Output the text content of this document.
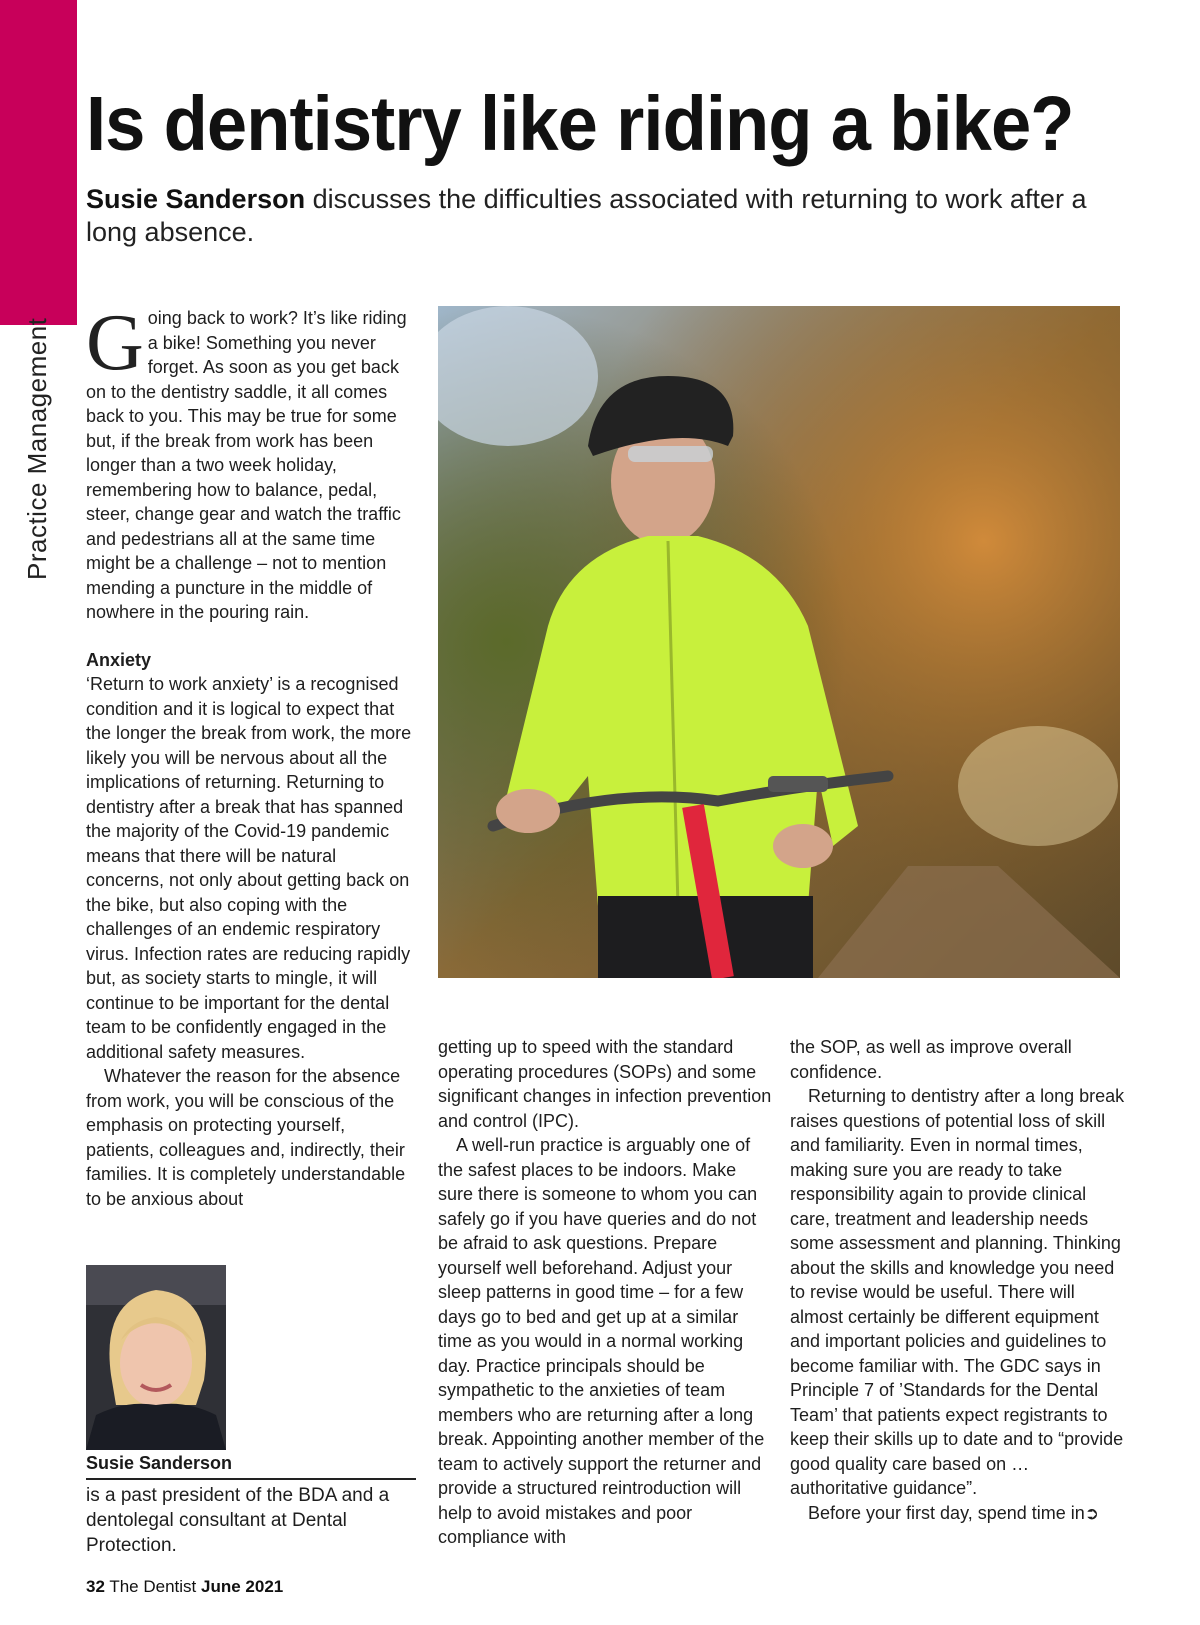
Practice Management
Is dentistry like riding a bike?
Susie Sanderson discusses the difficulties associated with returning to work after a long absence.

Going back to work? It’s like riding a bike! Something you never forget. As soon as you get back on to the dentistry saddle, it all comes back to you. This may be true for some but, if the break from work has been longer than a two week holiday, remembering how to balance, pedal, steer, change gear and watch the traffic and pedestrians all at the same time might be a challenge – not to mention mending a puncture in the middle of nowhere in the pouring rain.

Anxiety

‘Return to work anxiety’ is a recognised condition and it is logical to expect that the longer the break from work, the more likely you will be nervous about all the implications of returning. Returning to dentistry after a break that has spanned the majority of the Covid-19 pandemic means that there will be natural concerns, not only about getting back on the bike, but also coping with the challenges of an endemic respiratory virus. Infection rates are reducing rapidly but, as society starts to mingle, it will continue to be important for the dental team to be confidently engaged in the additional safety measures.

Whatever the reason for the absence from work, you will be conscious of the emphasis on protecting yourself, patients, colleagues and, indirectly, their families. It is completely understandable to be anxious about

getting up to speed with the standard operating procedures (SOPs) and some significant changes in infection prevention and control (IPC).

A well-run practice is arguably one of the safest places to be indoors. Make sure there is someone to whom you can safely go if you have queries and do not be afraid to ask questions. Prepare yourself well beforehand. Adjust your sleep patterns in good time – for a few days go to bed and get up at a similar time as you would in a normal working day. Practice principals should be sympathetic to the anxieties of team members who are returning after a long break. Appointing another member of the team to actively support the returner and provide a structured reintroduction will help to avoid mistakes and poor compliance with

the SOP, as well as improve overall confidence.

Returning to dentistry after a long break raises questions of potential loss of skill and familiarity. Even in normal times, making sure you are ready to take responsibility again to provide clinical care, treatment and leadership needs some assessment and planning. Thinking about the skills and knowledge you need to revise would be useful. There will almost certainly be different equipment and important policies and guidelines to become familiar with. The GDC says in Principle 7 of ’Standards for the Dental Team’ that patients expect registrants to keep their skills up to date and to “provide good quality care based on … authoritative guidance”.

Before your first day, spend time in➲

Susie Sanderson
is a past president of the BDA and a dentolegal consultant at Dental Protection.
32 The Dentist June 2021
